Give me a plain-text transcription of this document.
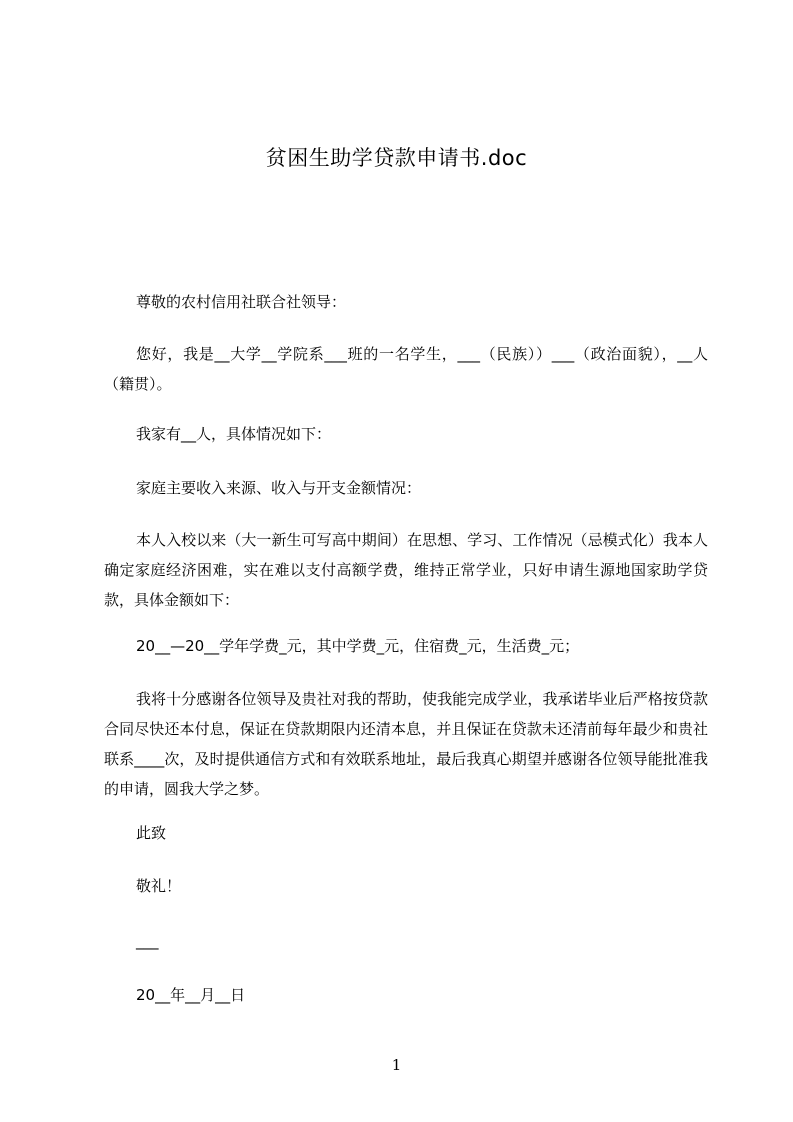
贫困生助学贷款申请书.doc
尊敬的农村信用社联合社领导：
您好，我是__大学__学院系___班的一名学生，___（民族））___（政治面貌），__人（籍贯）。
我家有__人，具体情况如下：
家庭主要收入来源、收入与开支金额情况：
本人入校以来（大一新生可写高中期间）在思想、学习、工作情况（忌模式化）我本人确定家庭经济困难，实在难以支付高额学费，维持正常学业，只好申请生源地国家助学贷款，具体金额如下：
20__—20__学年学费_元，其中学费_元，住宿费_元，生活费_元；
我将十分感谢各位领导及贵社对我的帮助，使我能完成学业，我承诺毕业后严格按贷款合同尽快还本付息，保证在贷款期限内还清本息，并且保证在贷款未还清前每年最少和贵社联系____次，及时提供通信方式和有效联系地址，最后我真心期望并感谢各位领导能批准我的申请，圆我大学之梦。
此致
敬礼！
___
20__年__月__日
1
